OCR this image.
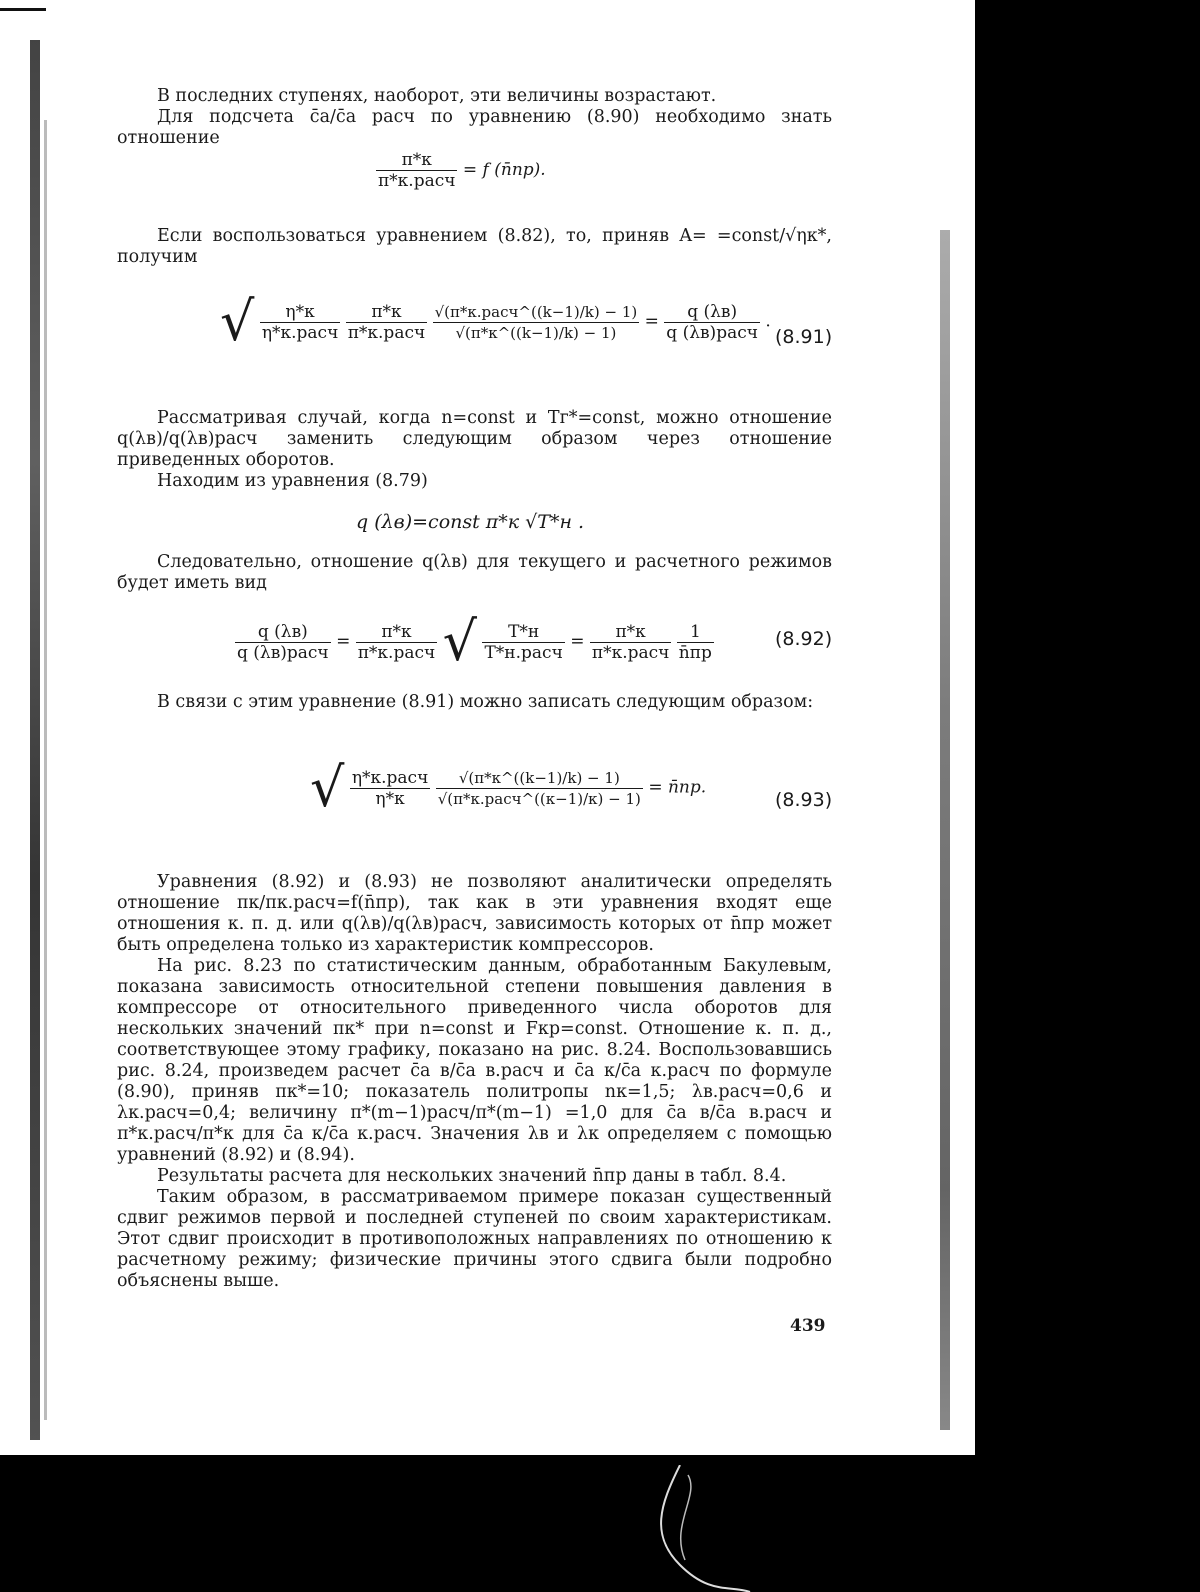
В последних ступенях, наоборот, эти величины возрастают.

Для подсчета c̄a/c̄a расч по уравнению (8.90) необходимо знать отношение

$\frac{\pi*к}{\text{π*к.расч}} = f$ (n̄пр).

Если воспользоваться уравнением (8.82), то, приняв A= =const/√ηк*, получим

√ $\frac{\eta*к}{\text{η*к.расч}}$
$\frac{\pi*к}{\text{π*к.расч}}$
$\frac{\text{√(π*к.расч\textasciicircum{}((k−1)/k) − 1)}}{√(\pi*к\^{}((k-1)/k) - 1)} = \frac{q (\lambda в)}{\text{q (λв)расч}}$ .
(8.91)

Рассматривая случай, когда n=const и Tг*=const, можно отношение q(λв)/q(λв)расч заменить следующим образом через отношение приведенных оборотов.

Находим из уравнения (8.79)

q (λв)=const π*к √T*н .

Следовательно, отношение q(λв) для текущего и расчетного режимов будет иметь вид

$\frac{q (\lambda в)}{\text{q (λв)расч}} = \frac{\pi*к}{\text{π*к.расч}}$ √ $\frac{T*н}{\text{T*н.расч}} = \frac{\pi*к}{\text{π*к.расч}}$
$\frac{1}{n̄пр}$	(8.92)

В связи с этим уравнение (8.91) можно записать следующим образом:

√ $\frac{\text{η*к.расч}}{\eta*к}$
$\frac{√(\pi*к\^{}((k-1)/k) - 1)}{\text{√(π*к.расч\textasciicircum{}((к−1)/к) − 1)}}$ = n̄пр.
(8.93)

Уравнения (8.92) и (8.93) не позволяют аналитически определять отношение πк/πк.расч=f(n̄пр), так как в эти уравнения входят еще отношения к. п. д. или q(λв)/q(λв)расч, зависимость которых от n̄пр может быть определена только из характеристик компрессоров.

На рис. 8.23 по статистическим данным, обработанным Бакулевым, показана зависимость относительной степени повышения давления в компрессоре от относительного приведенного числа оборотов для нескольких значений πк* при n=const и Fкр=const. Отношение к. п. д., соответствующее этому графику, показано на рис. 8.24. Воспользовавшись рис. 8.24, произведем расчет c̄a в/c̄a в.расч и c̄a к/c̄a к.расч по формуле (8.90), приняв πк*=10; показатель политропы nк=1,5; λв.расч=0,6 и λк.расч=0,4; величину π*(m−1)расч/π*(m−1) =1,0 для c̄a в/c̄a в.расч и π*к.расч/π*к для c̄a к/c̄a к.расч. Значения λв и λк определяем с помощью уравнений (8.92) и (8.94).

Результаты расчета для нескольких значений n̄пр даны в табл. 8.4.

Таким образом, в рассматриваемом примере показан существенный сдвиг режимов первой и последней ступеней по своим характеристикам. Этот сдвиг происходит в противоположных направлениях по отношению к расчетному режиму; физические причины этого сдвига были подробно объяснены выше.

439
